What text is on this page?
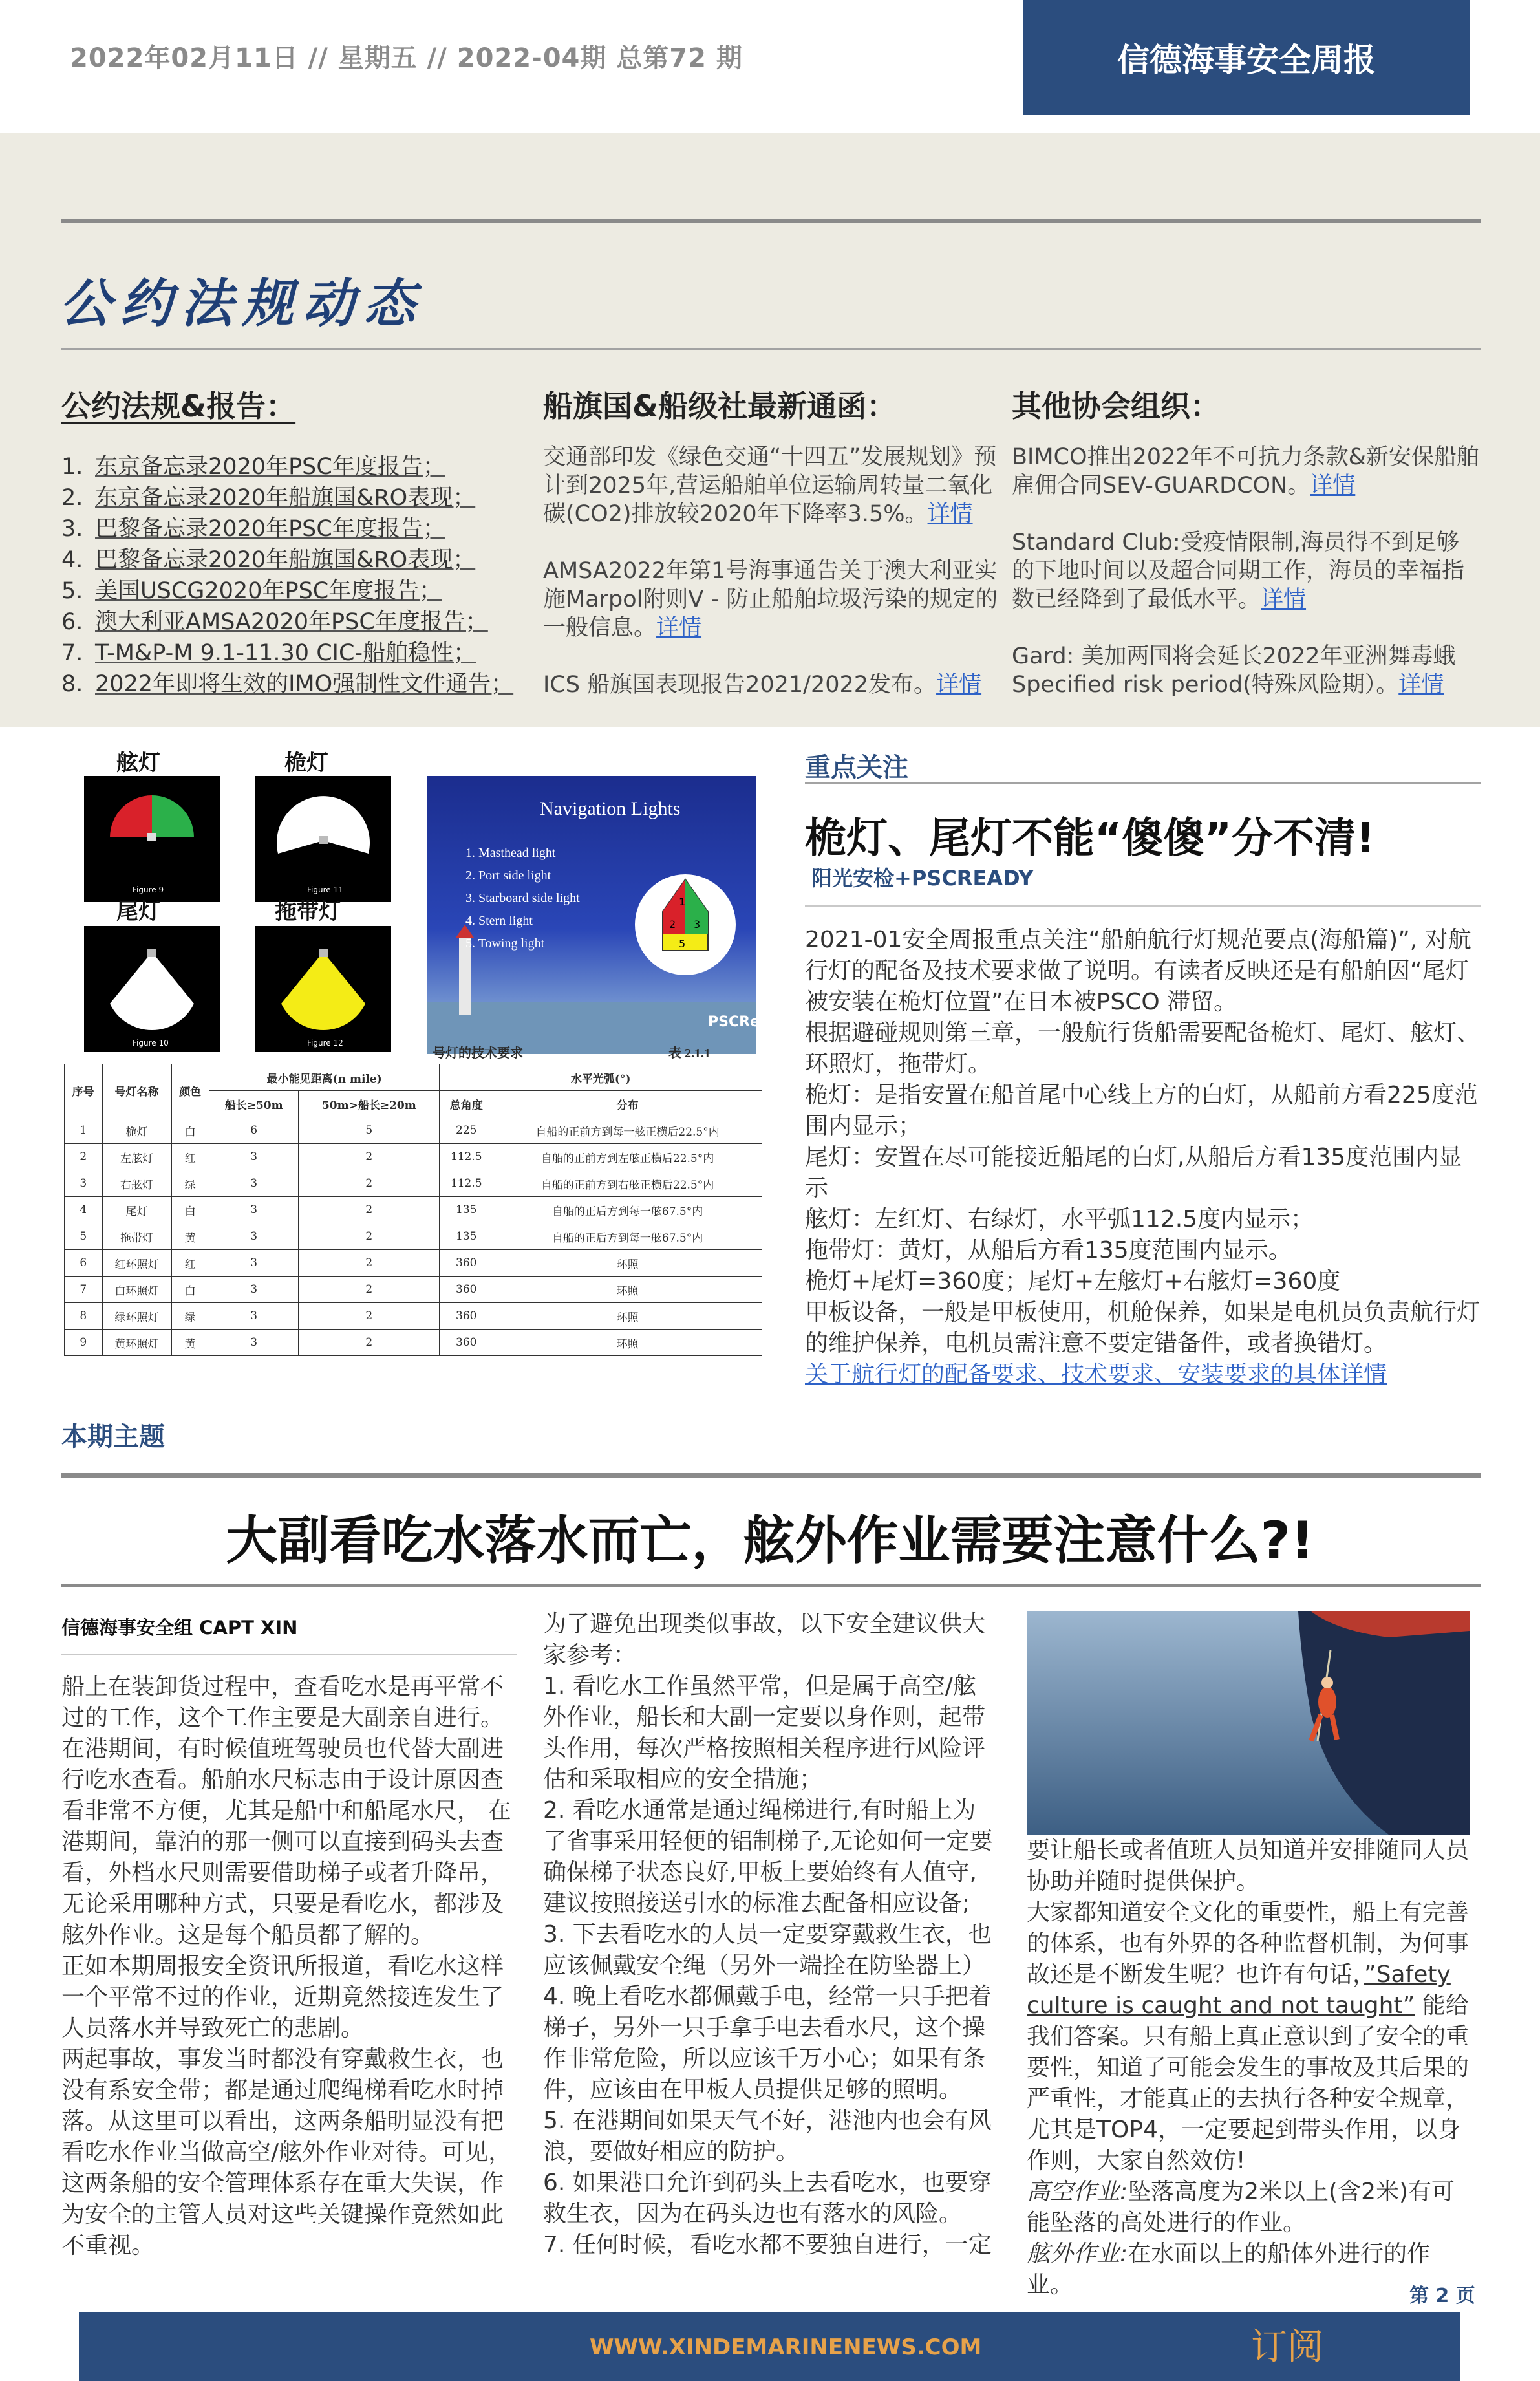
2022年02月11日 // 星期五 // 2022-04期 总第72 期	信德海事安全周报
公约法规动态
公约法规&报告：
1. 东京备忘录2020年PSC年度报告；
2. 东京备忘录2020年船旗国&RO表现；
3. 巴黎备忘录2020年PSC年度报告；
4. 巴黎备忘录2020年船旗国&RO表现；
5. 美国USCG2020年PSC年度报告；
6. 澳大利亚AMSA2020年PSC年度报告；
7. T-M&P-M 9.1-11.30 CIC-船舶稳性；
8. 2022年即将生效的IMO强制性文件通告；
船旗国&船级社最新通函：
交通部印发《绿色交通“十四五”发展规划》预计到2025年,营运船舶单位运输周转量二氧化碳(CO2)排放较2020年下降率3.5%。详情
AMSA2022年第1号海事通告关于澳大利亚实施Marpol附则V - 防止船舶垃圾污染的规定的一般信息。详情
ICS 船旗国表现报告2021/2022发布。详情
其他协会组织：
BIMCO推出2022年不可抗力条款&新安保船舶雇佣合同SEV-GUARDCON。详情
Standard Club:受疫情限制,海员得不到足够的下地时间以及超合同期工作，海员的幸福指数已经降到了最低水平。详情
Gard: 美加两国将会延长2022年亚洲舞毒蛾Specified risk period(特殊风险期）。详情
舷灯	桅灯
Figure 9	Figure 11
尾灯	拖带灯
Figure 10	Figure 12
Navigation Lights
1. Masthead light
2. Port side light
3. Starboard side light
4. Stern light
5. Towing light
1
2 3
5
PSCReady
号灯的技术要求	表 2.1.1
序号	号灯名称	颜色	最小能见距离(n mile)		水平光弧(°)	
			船长≥50m	50m>船长≥20m	总角度	分布
1	桅灯	白	6	5	225	自船的正前方到每一舷正横后22.5°内
2	左舷灯	红	3	2	112.5	自船的正前方到左舷正横后22.5°内
3	右舷灯	绿	3	2	112.5	自船的正前方到右舷正横后22.5°内
4	尾灯	白	3	2	135	自船的正后方到每一舷67.5°内
5	拖带灯	黄	3	2	135	自船的正后方到每一舷67.5°内
6	红环照灯	红	3	2	360	环照
7	白环照灯	白	3	2	360	环照
8	绿环照灯	绿	3	2	360	环照
9	黄环照灯	黄	3	2	360	环照
重点关注
桅灯、尾灯不能“傻傻”分不清!
阳光安检+PSCREADY
2021-01安全周报重点关注“船舶航行灯规范要点(海船篇)”, 对航行灯的配备及技术要求做了说明。有读者反映还是有船舶因“尾灯被安装在桅灯位置”在日本被PSCO 滞留。
根据避碰规则第三章，一般航行货船需要配备桅灯、尾灯、舷灯、环照灯，拖带灯。
桅灯：是指安置在船首尾中心线上方的白灯，从船前方看225度范围内显示；
尾灯：安置在尽可能接近船尾的白灯,从船后方看135度范围内显示
舷灯：左红灯、右绿灯，水平弧112.5度内显示；
拖带灯：黄灯，从船后方看135度范围内显示。
桅灯+尾灯=360度；尾灯+左舷灯+右舷灯=360度
甲板设备，一般是甲板使用，机舱保养，如果是电机员负责航行灯的维护保养，电机员需注意不要定错备件，或者换错灯。
关于航行灯的配备要求、技术要求、安装要求的具体详情
本期主题
大副看吃水落水而亡，舷外作业需要注意什么?!
信德海事安全组 CAPT XIN
船上在装卸货过程中，查看吃水是再平常不过的工作，这个工作主要是大副亲自进行。在港期间，有时候值班驾驶员也代替大副进行吃水查看。船舶水尺标志由于设计原因查看非常不方便，尤其是船中和船尾水尺， 在港期间，靠泊的那一侧可以直接到码头去查看，外档水尺则需要借助梯子或者升降吊，无论采用哪种方式，只要是看吃水，都涉及舷外作业。这是每个船员都了解的。
正如本期周报安全资讯所报道，看吃水这样一个平常不过的作业，近期竟然接连发生了人员落水并导致死亡的悲剧。
两起事故，事发当时都没有穿戴救生衣，也没有系安全带；都是通过爬绳梯看吃水时掉落。从这里可以看出，这两条船明显没有把看吃水作业当做高空/舷外作业对待。可见，这两条船的安全管理体系存在重大失误，作为安全的主管人员对这些关键操作竟然如此不重视。
为了避免出现类似事故，以下安全建议供大家参考：
1. 看吃水工作虽然平常，但是属于高空/舷外作业，船长和大副一定要以身作则，起带头作用，每次严格按照相关程序进行风险评估和采取相应的安全措施；
2. 看吃水通常是通过绳梯进行,有时船上为了省事采用轻便的铝制梯子,无论如何一定要确保梯子状态良好,甲板上要始终有人值守,建议按照接送引水的标准去配备相应设备;
3. 下去看吃水的人员一定要穿戴救生衣，也应该佩戴安全绳（另外一端拴在防坠器上）
4. 晚上看吃水都佩戴手电，经常一只手把着梯子，另外一只手拿手电去看水尺，这个操作非常危险，所以应该千万小心；如果有条件，应该由在甲板人员提供足够的照明。
5. 在港期间如果天气不好，港池内也会有风浪，要做好相应的防护。
6. 如果港口允许到码头上去看吃水，也要穿救生衣，因为在码头边也有落水的风险。
7. 任何时候，看吃水都不要独自进行，一定
要让船长或者值班人员知道并安排随同人员协助并随时提供保护。
大家都知道安全文化的重要性，船上有完善的体系，也有外界的各种监督机制，为何事故还是不断发生呢？也许有句话，”Safety culture is caught and not taught” 能给我们答案。只有船上真正意识到了安全的重要性，知道了可能会发生的事故及其后果的严重性，才能真正的去执行各种安全规章，尤其是TOP4，一定要起到带头作用，以身作则，大家自然效仿!
高空作业:坠落高度为2米以上(含2米)有可能坠落的高处进行的作业。
舷外作业:在水面以上的船体外进行的作业。	第 2 页
WWW.XINDEMARINENEWS.COM	订阅
